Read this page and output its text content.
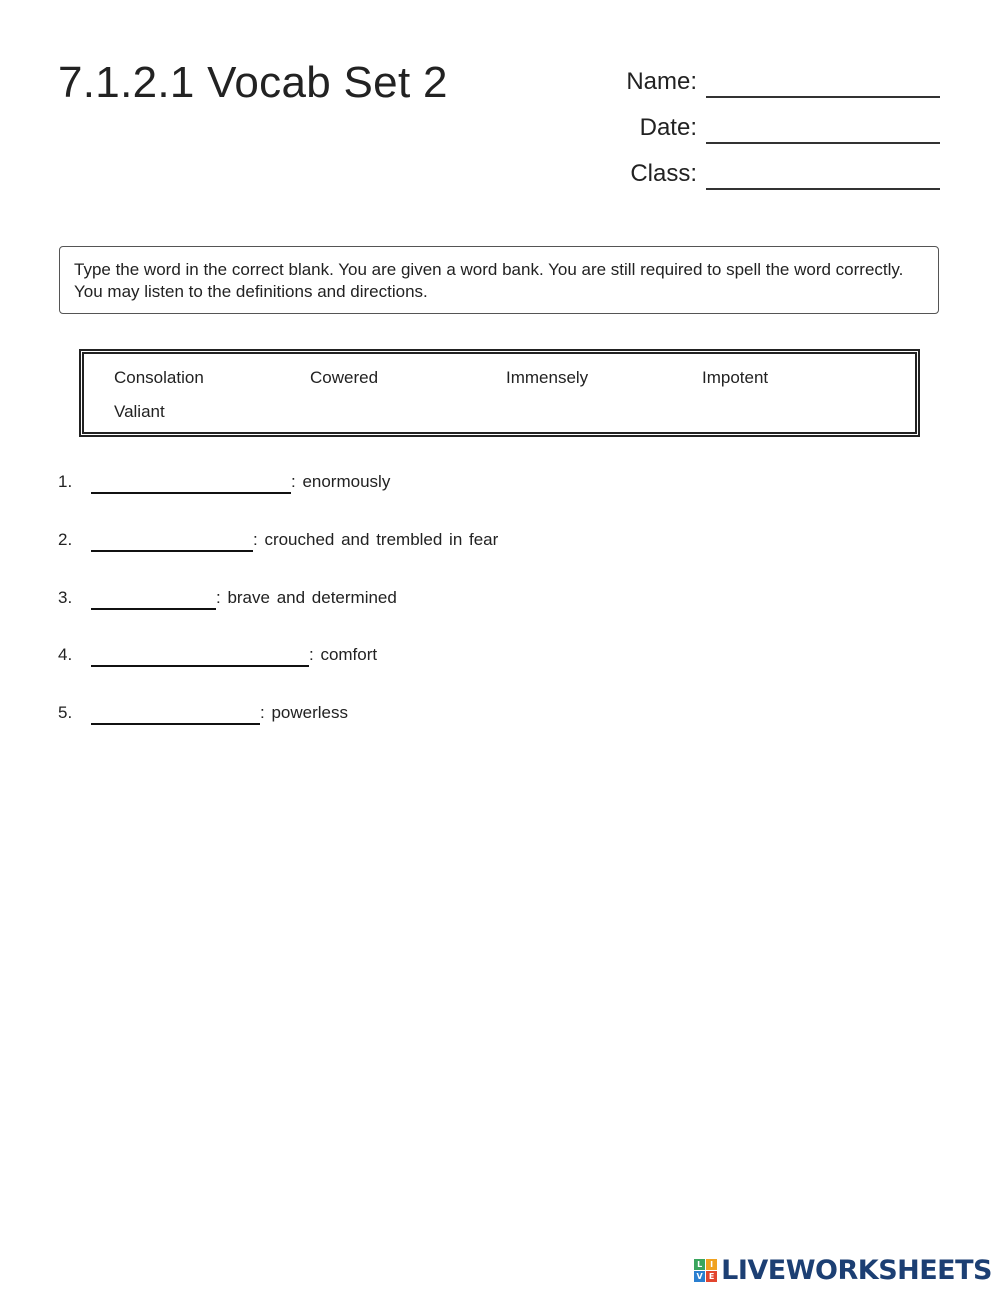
7.1.2.1 Vocab Set 2	Name:
Date:
Class:
Type the word in the correct blank. You are given a word bank. You are still required to spell the word correctly. You may listen to the definitions and directions.
Consolation	Cowered	Immensely	Impotent
Valiant
1.	: enormously
2.	: crouched and trembled in fear
3.	: brave and determined
4.	: comfort
5.	: powerless
L I
V E LIVEWORKSHEETS
